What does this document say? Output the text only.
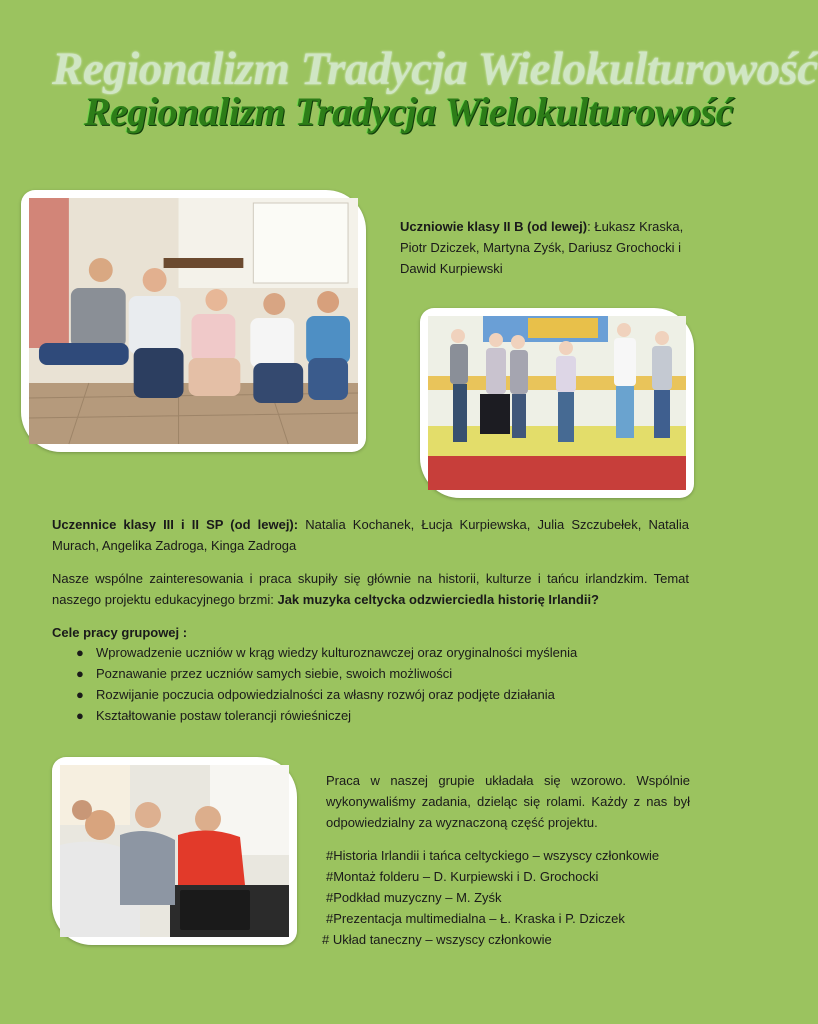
Regionalizm Tradycja Wielokulturowość
Regionalizm Tradycja Wielokulturowość
Uczniowie klasy II B (od lewej): Łukasz Kraska, Piotr Dziczek, Martyna Zyśk, Dariusz Grochocki i Dawid Kurpiewski
Uczennice klasy III i II SP (od lewej): Natalia Kochanek, Łucja Kurpiewska, Julia Szczubełek, Natalia Murach, Angelika Zadroga, Kinga Zadroga
Nasze wspólne zainteresowania i praca skupiły się głównie na historii, kulturze i tańcu irlandzkim. Temat naszego projektu edukacyjnego brzmi: Jak muzyka celtycka odzwierciedla historię Irlandii?
Cele pracy grupowej :
● Wprowadzenie uczniów w krąg wiedzy kulturoznawczej oraz oryginalności myślenia
● Poznawanie przez uczniów samych siebie, swoich możliwości
● Rozwijanie poczucia odpowiedzialności za własny rozwój oraz podjęte działania
● Kształtowanie postaw tolerancji rówieśniczej
Praca w naszej grupie układała się wzorowo. Wspólnie wykonywaliśmy zadania, dzieląc się rolami. Każdy z nas był odpowiedzialny za wyznaczoną część projektu.
#Historia Irlandii i tańca celtyckiego – wszyscy członkowie
#Montaż folderu – D. Kurpiewski i D. Grochocki
#Podkład muzyczny – M. Zyśk
#Prezentacja multimedialna – Ł. Kraska i P. Dziczek
# Układ taneczny – wszyscy członkowie
